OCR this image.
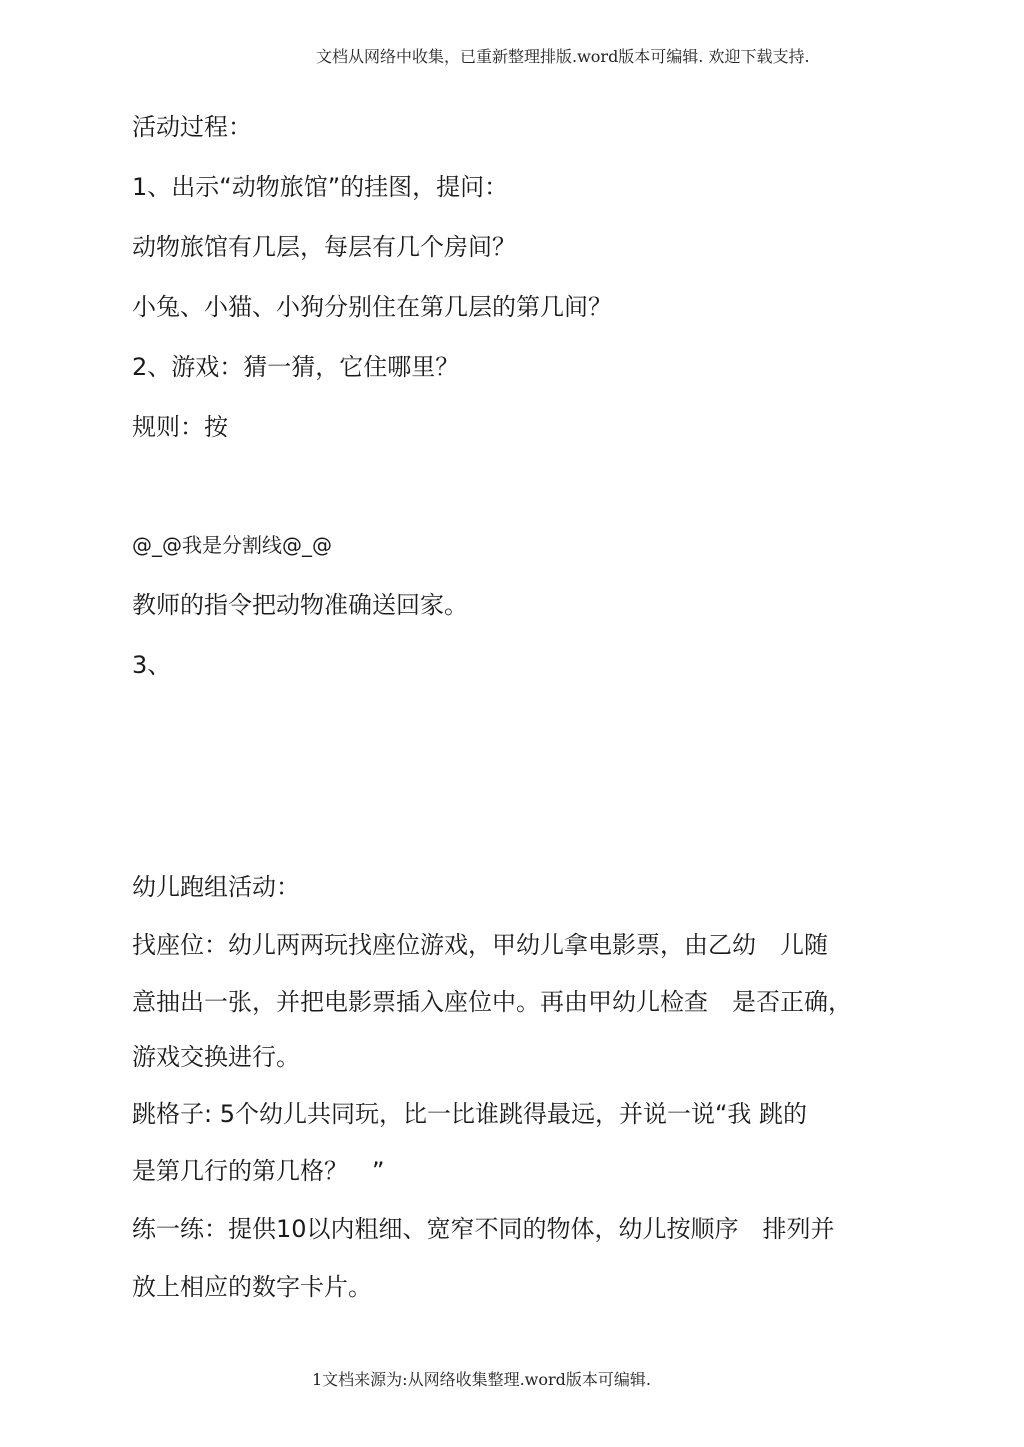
文档从网络中收集，已重新整理排版.word版本可编辑. 欢迎下载支持.
活动过程：
1、出示“动物旅馆”的挂图，提问：
动物旅馆有几层，每层有几个房间？
小兔、小猫、小狗分别住在第几层的第几间？
2、游戏：猜一猜，它住哪里？
规则：按
@_@我是分割线@_@
教师的指令把动物准确送回家。
3、
幼儿跑组活动：
找座位：幼儿两两玩找座位游戏，甲幼儿拿电影票，由乙幼　儿随
意抽出一张，并把电影票插入座位中。再由甲幼儿检查　是否正确，
游戏交换进行。
跳格子: 5个幼儿共同玩，比一比谁跳得最远，并说一说“我 跳的
是第几行的第几格？　”
练一练：提供10以内粗细、宽窄不同的物体，幼儿按顺序　排列并
放上相应的数字卡片。
1文档来源为:从网络收集整理.word版本可编辑.
